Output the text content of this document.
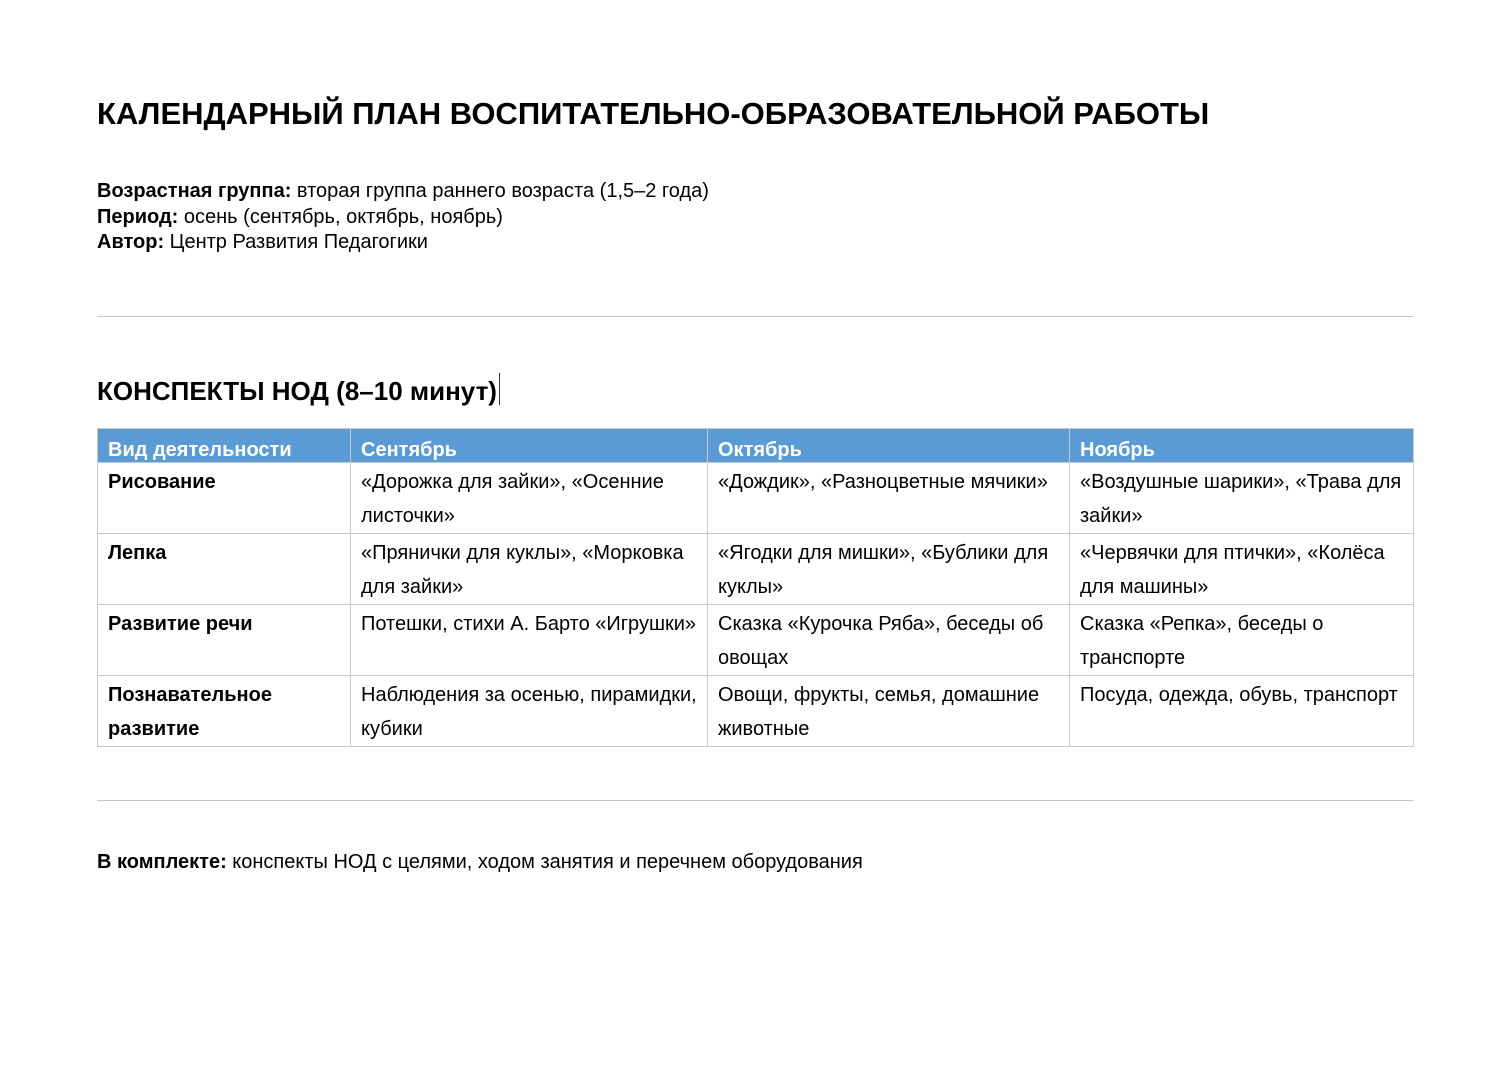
КАЛЕНДАРНЫЙ ПЛАН ВОСПИТАТЕЛЬНО-ОБРАЗОВАТЕЛЬНОЙ РАБОТЫ
Возрастная группа: вторая группа раннего возраста (1,5–2 года)
Период: осень (сентябрь, октябрь, ноябрь)
Автор: Центр Развития Педагогики
КОНСПЕКТЫ НОД (8–10 минут)
Вид деятельности	Сентябрь	Октябрь	Ноябрь
Рисование	«Дорожка для зайки», «Осенние листочки»	«Дождик», «Разноцветные мячики»	«Воздушные шарики», «Трава для зайки»
Лепка	«Прянички для куклы», «Морковка для зайки»	«Ягодки для мишки», «Бублики для куклы»	«Червячки для птички», «Колёса для машины»
Развитие речи	Потешки, стихи А. Барто «Игрушки»	Сказка «Курочка Ряба», беседы об овощах	Сказка «Репка», беседы о транспорте
Познавательное развитие	Наблюдения за осенью, пирамидки, кубики	Овощи, фрукты, семья, домашние животные	Посуда, одежда, обувь, транспорт
В комплекте: конспекты НОД с целями, ходом занятия и перечнем оборудования
